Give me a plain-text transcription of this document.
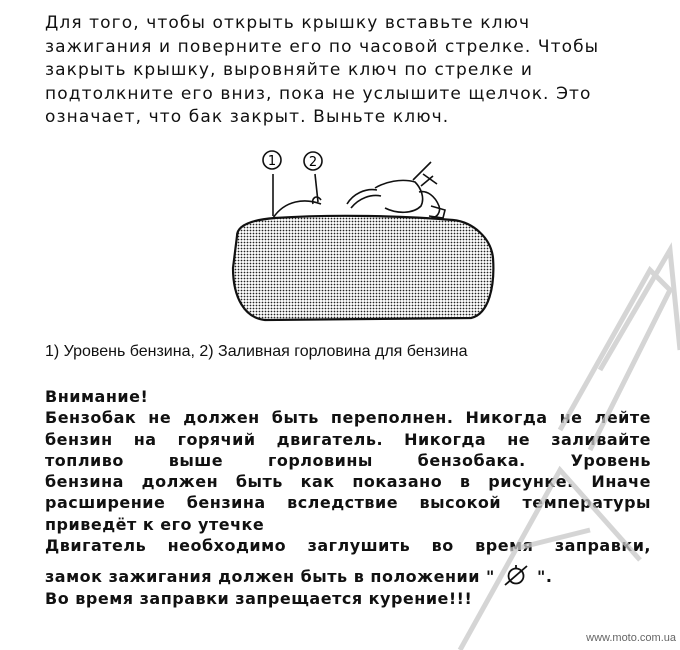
Для того, чтобы открыть крышку вставьте ключ
зажигания и поверните его по часовой стрелке. Чтобы
закрыть крышку, выровняйте ключ по стрелке и
подтолкните его вниз, пока не услышите щелчок. Это
означает, что бак закрыт. Выньте ключ.
1	2

1) Уровень бензина, 2) Заливная горловина для бензина

Внимание!
Бензобак не должен быть переполнен. Никогда не лейте
бензин на горячий двигатель. Никогда не заливайте
топливо выше горловины бензобака. Уровень
бензина должен быть как показано в рисунке. Иначе
расширение бензина вследствие высокой температуры
приведёт к его утечке
Двигатель необходимо заглушить во время заправки,
замок зажигания должен быть в положении "	".
Во время заправки запрещается курение!!!

www.moto.com.ua
